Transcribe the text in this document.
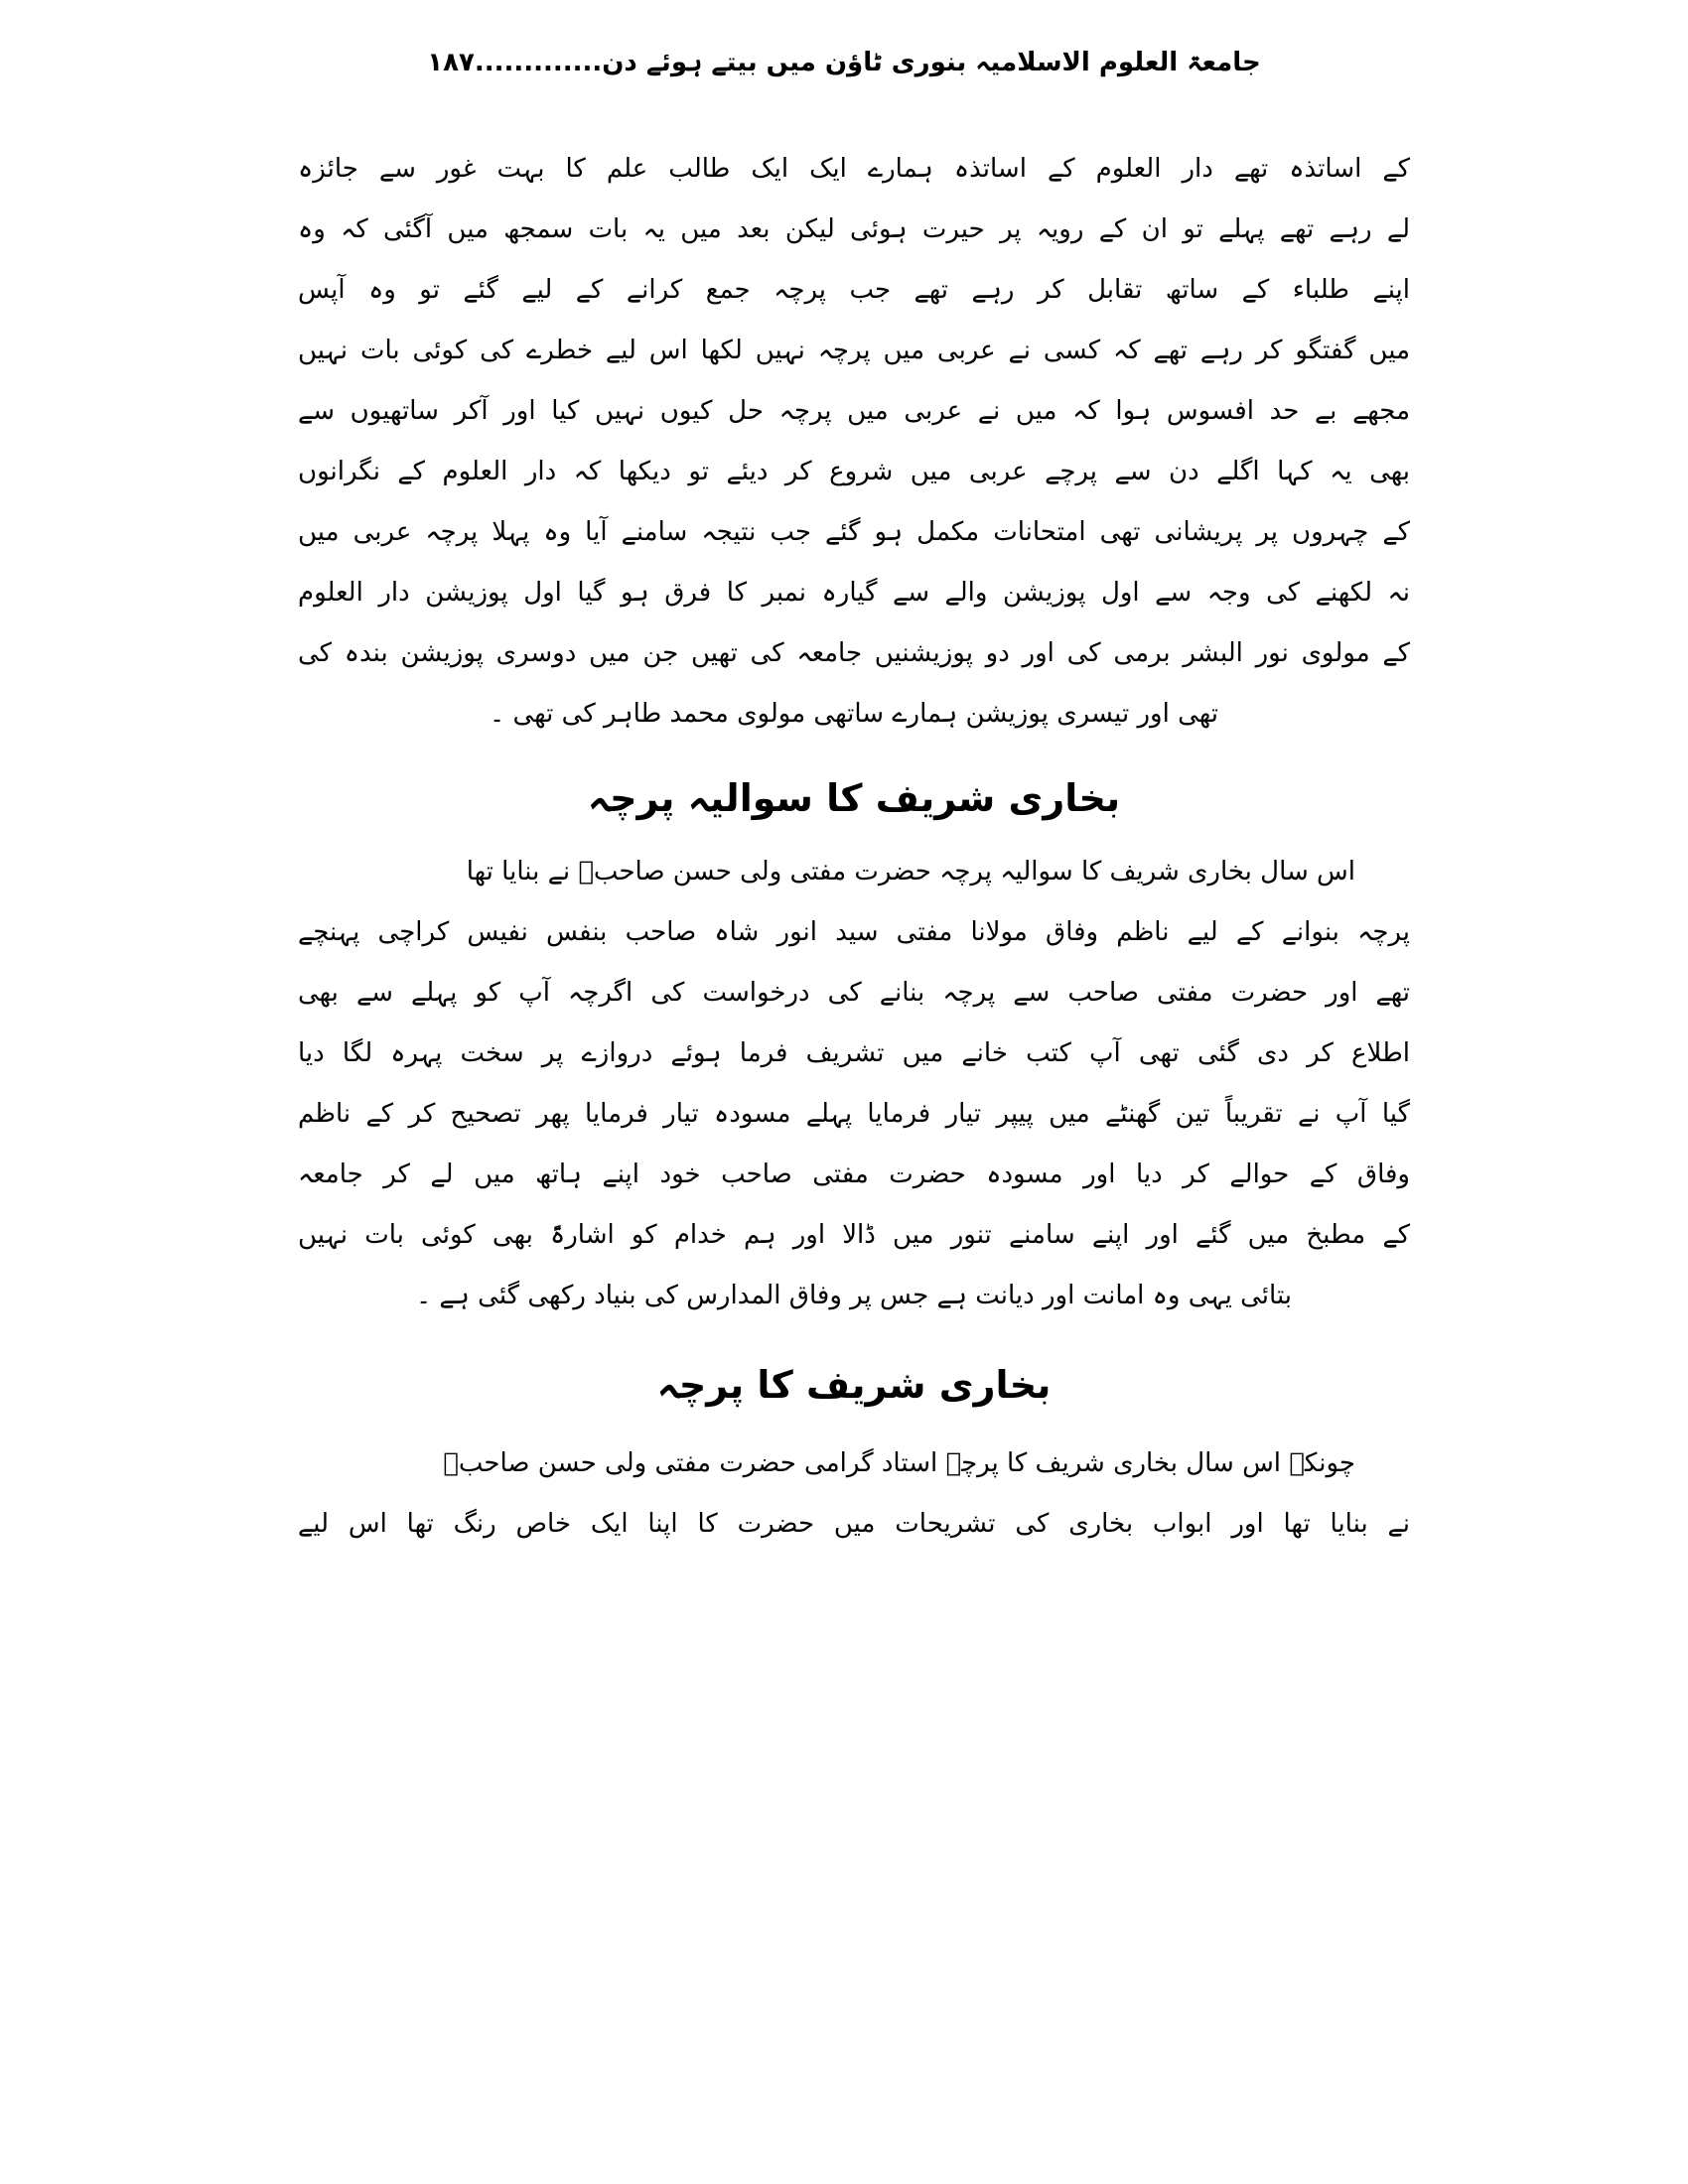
جامعۃ العلوم الاسلامیہ بنوری ٹاؤن میں بیتے ہوئے دن.............۱۸۷
کے اساتذہ تھے دار العلوم کے اساتذہ ہمارے ایک ایک طالب علم کا بہت غور سے جائزہ
لے رہے تھے پہلے تو ان کے رویہ پر حیرت ہوئی لیکن بعد میں یہ بات سمجھ میں آگئی کہ وہ
اپنے طلباء کے ساتھ تقابل کر رہے تھے جب پرچہ جمع کرانے کے لیے گئے تو وہ آپس
میں گفتگو کر رہے تھے کہ کسی نے عربی میں پرچہ نہیں لکھا اس لیے خطرے کی کوئی بات نہیں
مجھے بے حد افسوس ہوا کہ میں نے عربی میں پرچہ حل کیوں نہیں کیا اور آکر ساتھیوں سے
بھی یہ کہا اگلے دن سے پرچے عربی میں شروع کر دیئے تو دیکھا کہ دار العلوم کے نگرانوں
کے چہروں پر پریشانی تھی امتحانات مکمل ہو گئے جب نتیجہ سامنے آیا وہ پہلا پرچہ عربی میں
نہ لکھنے کی وجہ سے اول پوزیشن والے سے گیارہ نمبر کا فرق ہو گیا اول پوزیشن دار العلوم
کے مولوی نور البشر برمی کی اور دو پوزیشنیں جامعہ کی تھیں جن میں دوسری پوزیشن بندہ کی
تھی اور تیسری پوزیشن ہمارے ساتھی مولوی محمد طاہر کی تھی ۔
بخاری شریف کا سوالیہ پرچہ
اس سال بخاری شریف کا سوالیہ پرچہ حضرت مفتی ولی حسن صاحبؒ نے بنایا تھا
پرچہ بنوانے کے لیے ناظم وفاق مولانا مفتی سید انور شاہ صاحب بنفس نفیس کراچی پہنچے
تھے اور حضرت مفتی صاحب سے پرچہ بنانے کی درخواست کی اگرچہ آپ کو پہلے سے بھی
اطلاع کر دی گئی تھی آپ کتب خانے میں تشریف فرما ہوئے دروازے پر سخت پہرہ لگا دیا
گیا آپ نے تقریباً تین گھنٹے میں پیپر تیار فرمایا پہلے مسودہ تیار فرمایا پھر تصحیح کر کے ناظم
وفاق کے حوالے کر دیا اور مسودہ حضرت مفتی صاحب خود اپنے ہاتھ میں لے کر جامعہ
کے مطبخ میں گئے اور اپنے سامنے تنور میں ڈالا اور ہم خدام کو اشارۃً بھی کوئی بات نہیں
بتائی یہی وہ امانت اور دیانت ہے جس پر وفاق المدارس کی بنیاد رکھی گئی ہے ۔
بخاری شریف کا پرچہ
چونکہ اس سال بخاری شریف کا پرچہ استاد گرامی حضرت مفتی ولی حسن صاحبؒ
نے بنایا تھا اور ابواب بخاری کی تشریحات میں حضرت کا اپنا ایک خاص رنگ تھا اس لیے
